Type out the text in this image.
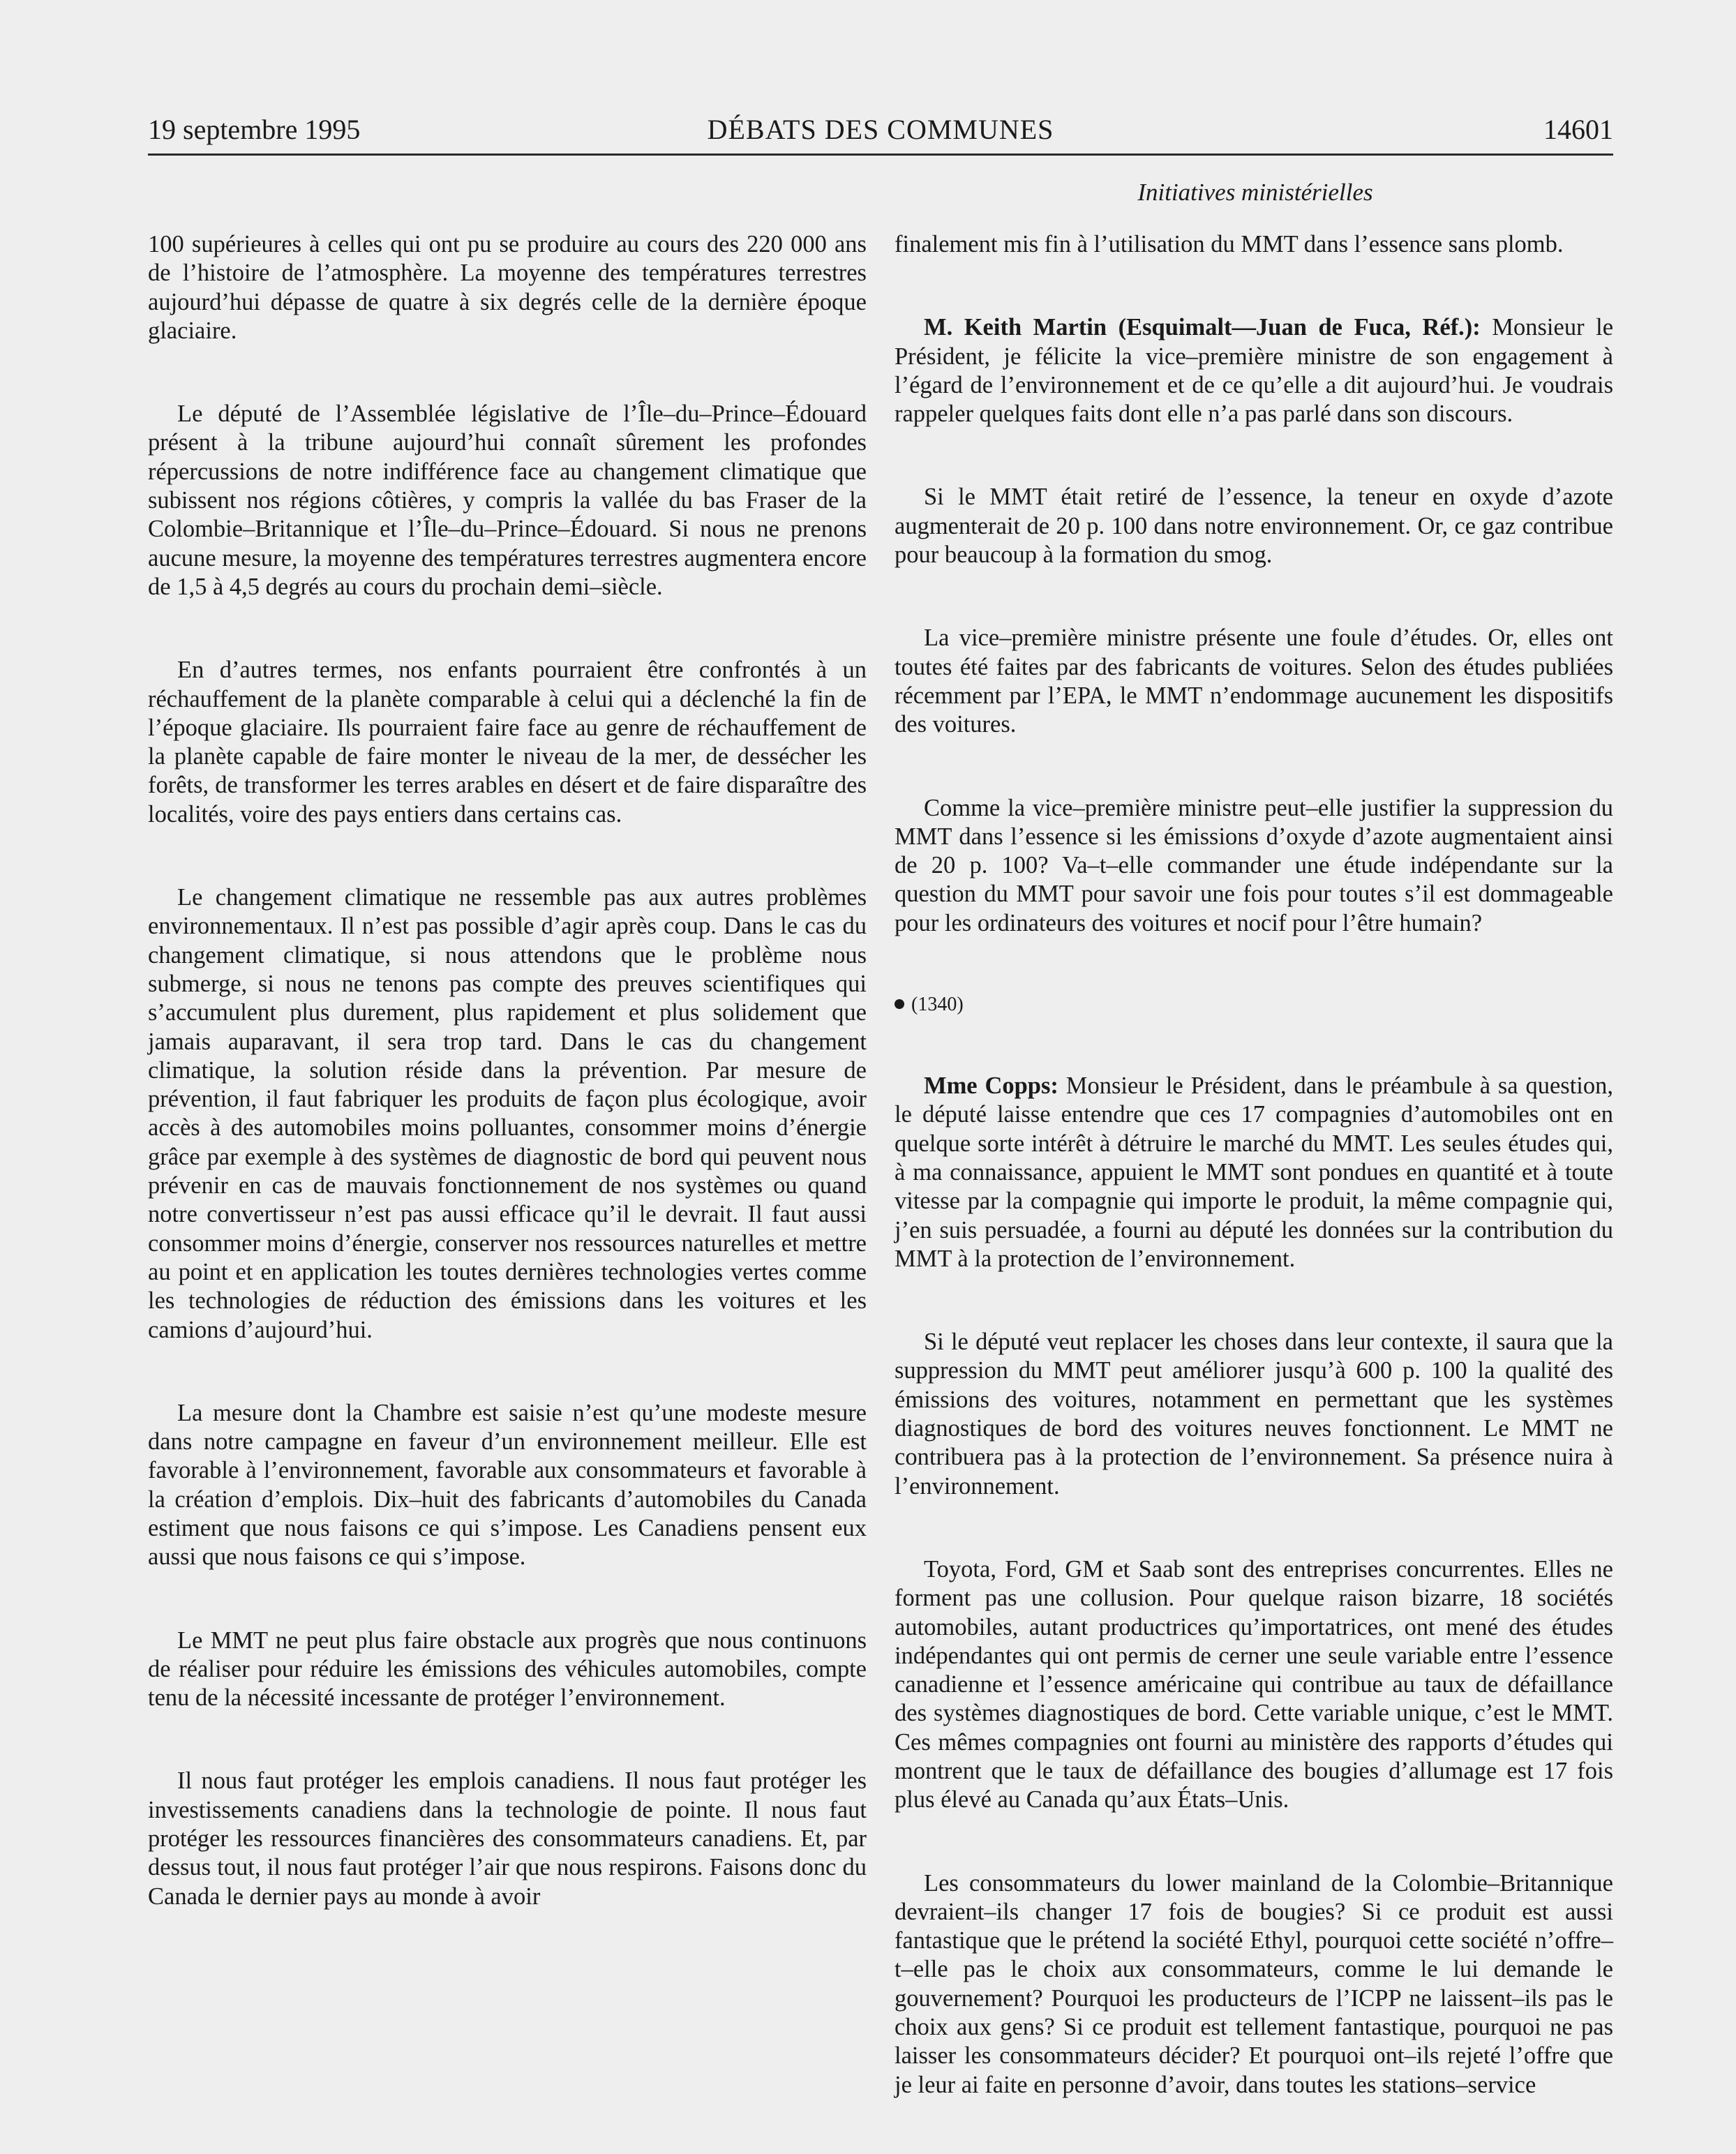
19 septembre 1995	DÉBATS DES COMMUNES	14601
Initiatives ministérielles

100 supérieures à celles qui ont pu se produire au cours des 220 000 ans de l’histoire de l’atmosphère. La moyenne des températures terrestres aujourd’hui dépasse de quatre à six degrés celle de la dernière époque glaciaire.

Le député de l’Assemblée législative de l’Île–du–Prince–Édouard présent à la tribune aujourd’hui connaît sûrement les profondes répercussions de notre indifférence face au changement climatique que subissent nos régions côtières, y compris la vallée du bas Fraser de la Colombie–Britannique et l’Île–du–Prince–Édouard. Si nous ne prenons aucune mesure, la moyenne des températures terrestres augmentera encore de 1,5 à 4,5 degrés au cours du prochain demi–siècle.

En d’autres termes, nos enfants pourraient être confrontés à un réchauffement de la planète comparable à celui qui a déclenché la fin de l’époque glaciaire. Ils pourraient faire face au genre de réchauffement de la planète capable de faire monter le niveau de la mer, de dessécher les forêts, de transformer les terres arables en désert et de faire disparaître des localités, voire des pays entiers dans certains cas.

Le changement climatique ne ressemble pas aux autres problèmes environnementaux. Il n’est pas possible d’agir après coup. Dans le cas du changement climatique, si nous attendons que le problème nous submerge, si nous ne tenons pas compte des preuves scientifiques qui s’accumulent plus durement, plus rapidement et plus solidement que jamais auparavant, il sera trop tard. Dans le cas du changement climatique, la solution réside dans la prévention. Par mesure de prévention, il faut fabriquer les produits de façon plus écologique, avoir accès à des automobiles moins polluantes, consommer moins d’énergie grâce par exemple à des systèmes de diagnostic de bord qui peuvent nous prévenir en cas de mauvais fonctionnement de nos systèmes ou quand notre convertisseur n’est pas aussi efficace qu’il le devrait. Il faut aussi consommer moins d’énergie, conserver nos ressources naturelles et mettre au point et en application les toutes dernières technologies vertes comme les technologies de réduction des émissions dans les voitures et les camions d’aujourd’hui.

La mesure dont la Chambre est saisie n’est qu’une modeste mesure dans notre campagne en faveur d’un environnement meilleur. Elle est favorable à l’environnement, favorable aux consommateurs et favorable à la création d’emplois. Dix–huit des fabricants d’automobiles du Canada estiment que nous faisons ce qui s’impose. Les Canadiens pensent eux aussi que nous faisons ce qui s’impose.

Le MMT ne peut plus faire obstacle aux progrès que nous continuons de réaliser pour réduire les émissions des véhicules automobiles, compte tenu de la nécessité incessante de protéger l’environnement.

Il nous faut protéger les emplois canadiens. Il nous faut protéger les investissements canadiens dans la technologie de pointe. Il nous faut protéger les ressources financières des consommateurs canadiens. Et, par dessus tout, il nous faut protéger l’air que nous respirons. Faisons donc du Canada le dernier pays au monde à avoir

finalement mis fin à l’utilisation du MMT dans l’essence sans plomb.

M. Keith Martin (Esquimalt—Juan de Fuca, Réf.): Monsieur le Président, je félicite la vice–première ministre de son engagement à l’égard de l’environnement et de ce qu’elle a dit aujourd’hui. Je voudrais rappeler quelques faits dont elle n’a pas parlé dans son discours.

Si le MMT était retiré de l’essence, la teneur en oxyde d’azote augmenterait de 20 p. 100 dans notre environnement. Or, ce gaz contribue pour beaucoup à la formation du smog.

La vice–première ministre présente une foule d’études. Or, elles ont toutes été faites par des fabricants de voitures. Selon des études publiées récemment par l’EPA, le MMT n’endommage aucunement les dispositifs des voitures.

Comme la vice–première ministre peut–elle justifier la suppression du MMT dans l’essence si les émissions d’oxyde d’azote augmentaient ainsi de 20 p. 100? Va–t–elle commander une étude indépendante sur la question du MMT pour savoir une fois pour toutes s’il est dommageable pour les ordinateurs des voitures et nocif pour l’être humain?

(1340)

Mme Copps: Monsieur le Président, dans le préambule à sa question, le député laisse entendre que ces 17 compagnies d’automobiles ont en quelque sorte intérêt à détruire le marché du MMT. Les seules études qui, à ma connaissance, appuient le MMT sont pondues en quantité et à toute vitesse par la compagnie qui importe le produit, la même compagnie qui, j’en suis persuadée, a fourni au député les données sur la contribution du MMT à la protection de l’environnement.

Si le député veut replacer les choses dans leur contexte, il saura que la suppression du MMT peut améliorer jusqu’à 600 p. 100 la qualité des émissions des voitures, notamment en permettant que les systèmes diagnostiques de bord des voitures neuves fonctionnent. Le MMT ne contribuera pas à la protection de l’environnement. Sa présence nuira à l’environnement.

Toyota, Ford, GM et Saab sont des entreprises concurrentes. Elles ne forment pas une collusion. Pour quelque raison bizarre, 18 sociétés automobiles, autant productrices qu’importatrices, ont mené des études indépendantes qui ont permis de cerner une seule variable entre l’essence canadienne et l’essence américaine qui contribue au taux de défaillance des systèmes diagnostiques de bord. Cette variable unique, c’est le MMT. Ces mêmes compagnies ont fourni au ministère des rapports d’études qui montrent que le taux de défaillance des bougies d’allumage est 17 fois plus élevé au Canada qu’aux États–Unis.

Les consommateurs du lower mainland de la Colombie–Britannique devraient–ils changer 17 fois de bougies? Si ce produit est aussi fantastique que le prétend la société Ethyl, pourquoi cette société n’offre–t–elle pas le choix aux consommateurs, comme le lui demande le gouvernement? Pourquoi les producteurs de l’ICPP ne laissent–ils pas le choix aux gens? Si ce produit est tellement fantastique, pourquoi ne pas laisser les consommateurs décider? Et pourquoi ont–ils rejeté l’offre que je leur ai faite en personne d’avoir, dans toutes les stations–service
